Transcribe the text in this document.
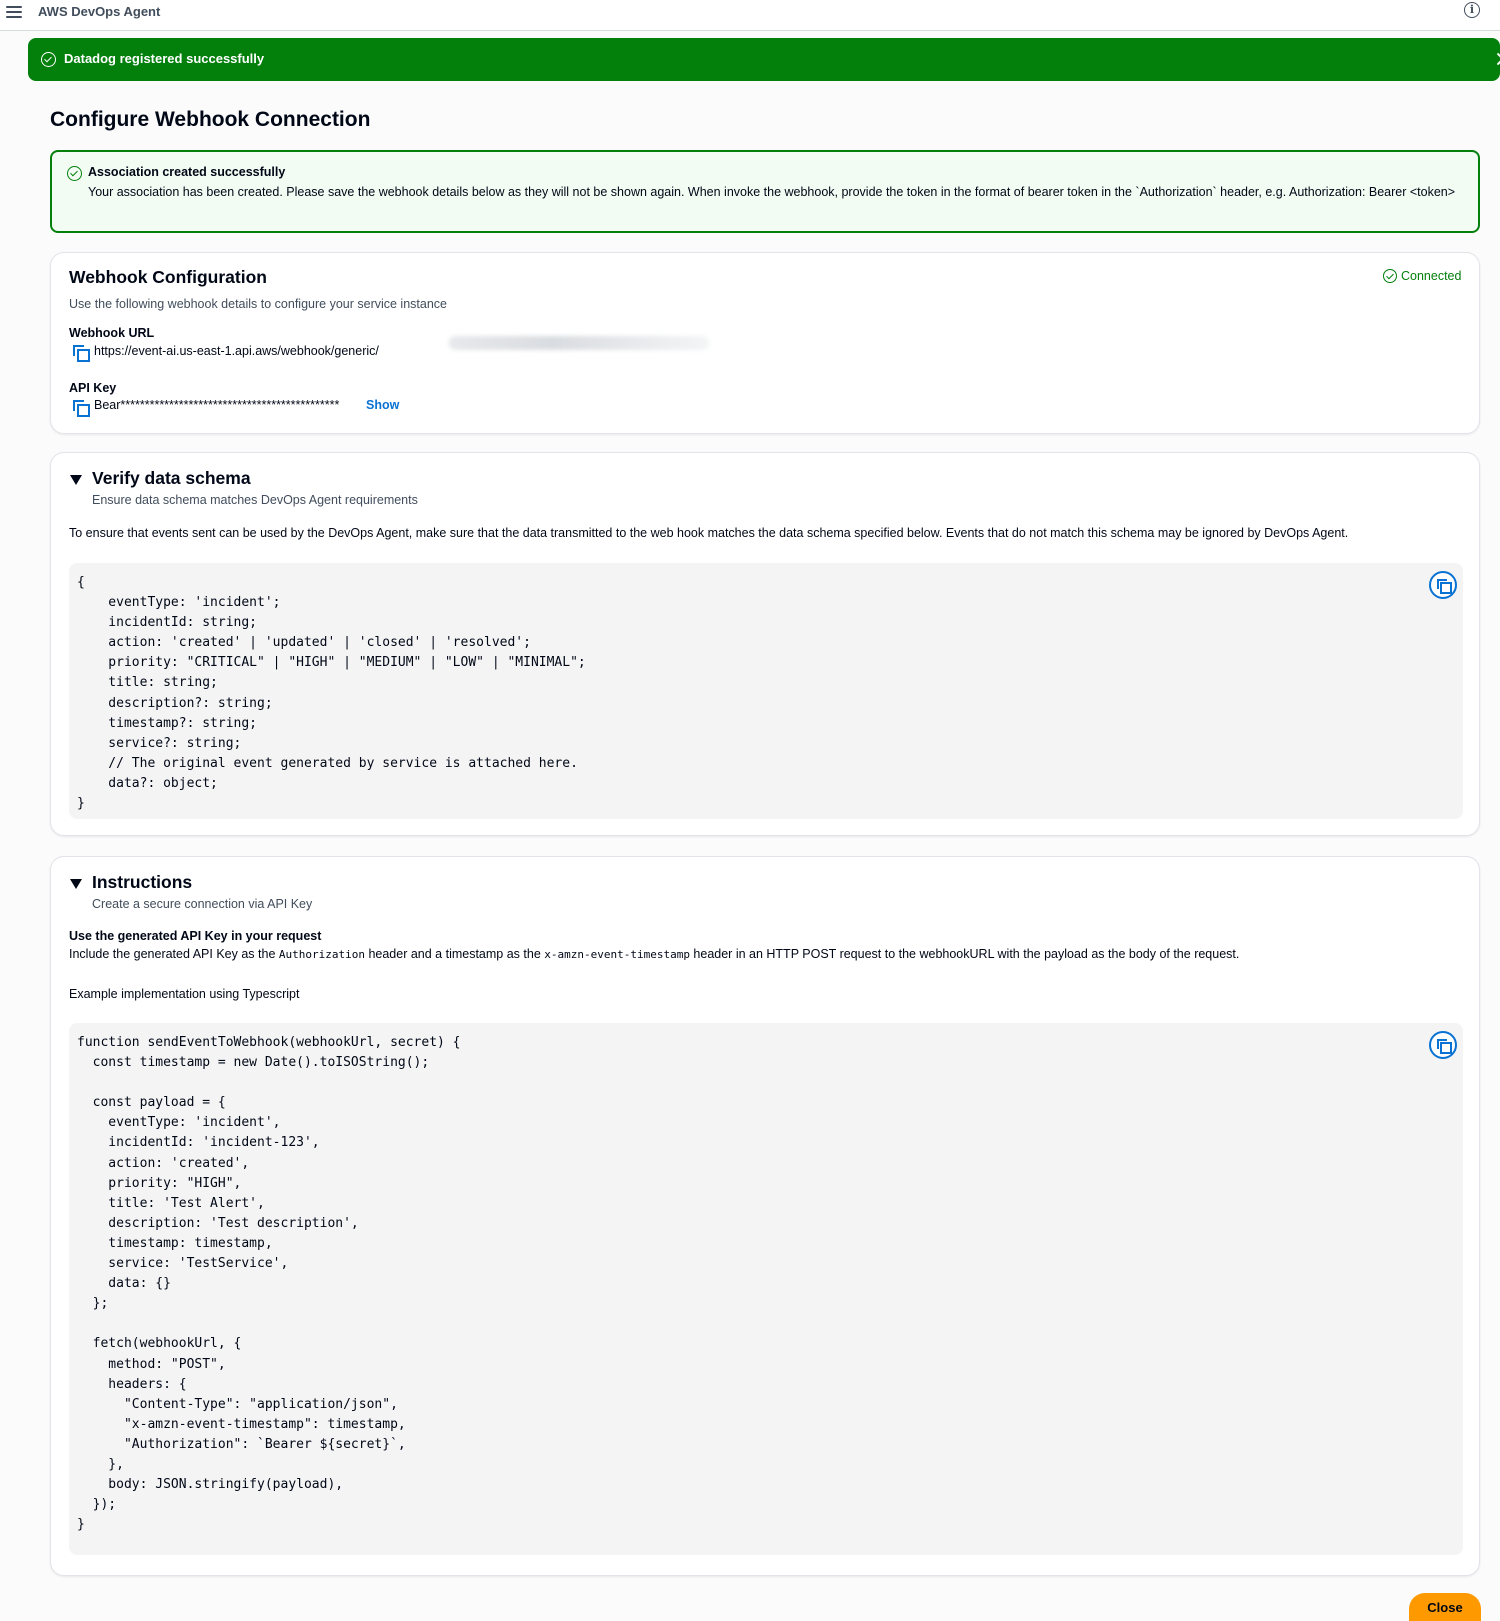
AWS DevOps Agent	i
Datadog registered successfully
Configure Webhook Connection
Association created successfully
Your association has been created. Please save the webhook details below as they will not be shown again. When invoke the webhook, provide the token in the format of bearer token in the `Authorization` header, e.g. Authorization: Bearer <token>
Webhook Configuration	Connected
Use the following webhook details to configure your service instance
Webhook URL
https://event-ai.us-east-1.api.aws/webhook/generic/
API Key
Bear********************************************* Show
Verify data schema
Ensure data schema matches DevOps Agent requirements
To ensure that events sent can be used by the DevOps Agent, make sure that the data transmitted to the web hook matches the data schema specified below. Events that do not match this schema may be ignored by DevOps Agent.
{
eventType: 'incident';
incidentId: string;
action: 'created' | 'updated' | 'closed' | 'resolved';
priority: "CRITICAL" | "HIGH" | "MEDIUM" | "LOW" | "MINIMAL";
title: string;
description?: string;
timestamp?: string;
service?: string;
// The original event generated by service is attached here.
data?: object;
}
Instructions
Create a secure connection via API Key
Use the generated API Key in your request
Include the generated API Key as the Authorization header and a timestamp as the x-amzn-event-timestamp header in an HTTP POST request to the webhookURL with the payload as the body of the request.
Example implementation using Typescript
function sendEventToWebhook(webhookUrl, secret) {
const timestamp = new Date().toISOString();

const payload = {
eventType: 'incident',
incidentId: 'incident-123',
action: 'created',
priority: "HIGH",
title: 'Test Alert',
description: 'Test description',
timestamp: timestamp,
service: 'TestService',
data: {}
};

fetch(webhookUrl, {
method: "POST",
headers: {
"Content-Type": "application/json",
"x-amzn-event-timestamp": timestamp,
"Authorization": `Bearer ${secret}`,
},
body: JSON.stringify(payload),
});
}
Close
